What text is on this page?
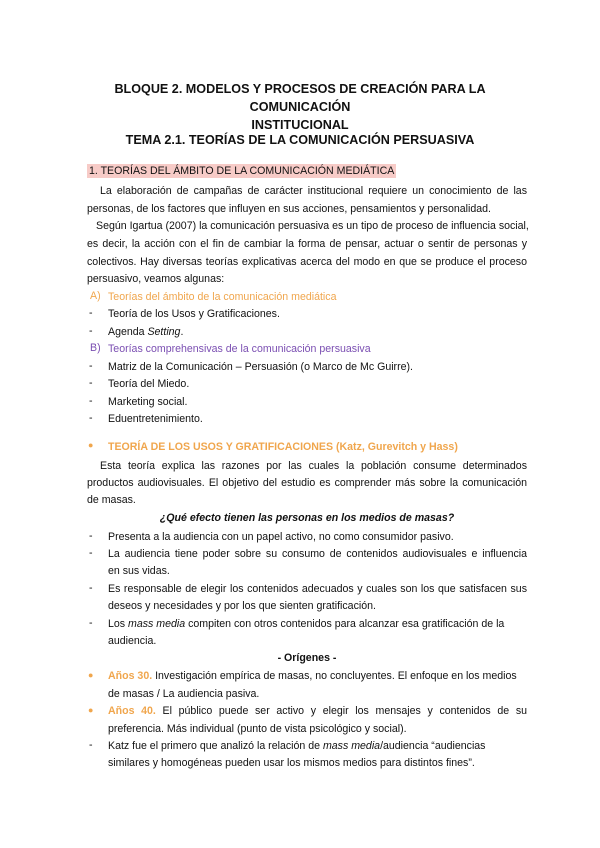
BLOQUE 2. MODELOS Y PROCESOS DE CREACIÓN PARA LA COMUNICACIÓN
INSTITUCIONAL
TEMA 2.1. TEORÍAS DE LA COMUNICACIÓN PERSUASIVA
1. TEORÍAS DEL ÁMBITO DE LA COMUNICACIÓN MEDIÁTICA
La elaboración de campañas de carácter institucional requiere un conocimiento de las
personas, de los factores que influyen en sus acciones, pensamientos y personalidad.
Según Igartua (2007) la comunicación persuasiva es un tipo de proceso de influencia social,
es decir, la acción con el fin de cambiar la forma de pensar, actuar o sentir de personas y
colectivos. Hay diversas teorías explicativas acerca del modo en que se produce el proceso
persuasivo, veamos algunas:
A) Teorías del ámbito de la comunicación mediática
-	Teoría de los Usos y Gratificaciones.
-	Agenda Setting.
B) Teorías comprehensivas de la comunicación persuasiva
-	Matriz de la Comunicación – Persuasión (o Marco de Mc Guirre).
-	Teoría del Miedo.
-	Marketing social.
-	Eduentretenimiento.
● TEORÍA DE LOS USOS Y GRATIFICACIONES (Katz, Gurevitch y Hass)
Esta teoría explica las razones por las cuales la población consume determinados
productos audiovisuales. El objetivo del estudio es comprender más sobre la comunicación
de masas.
¿Qué efecto tienen las personas en los medios de masas?
-	Presenta a la audiencia con un papel activo, no como consumidor pasivo.
-	La audiencia tiene poder sobre su consumo de contenidos audiovisuales e influencia
en sus vidas.
-	Es responsable de elegir los contenidos adecuados y cuales son los que satisfacen sus
deseos y necesidades y por los que sienten gratificación.
-	Los mass media compiten con otros contenidos para alcanzar esa gratificación de la
audiencia.
- Orígenes -
● Años 30. Investigación empírica de masas, no concluyentes. El enfoque en los medios
de masas / La audiencia pasiva.
● Años 40. El público puede ser activo y elegir los mensajes y contenidos de su
preferencia. Más individual (punto de vista psicológico y social).
-	Katz fue el primero que analizó la relación de mass media/audiencia “audiencias
similares y homogéneas pueden usar los mismos medios para distintos fines”.
